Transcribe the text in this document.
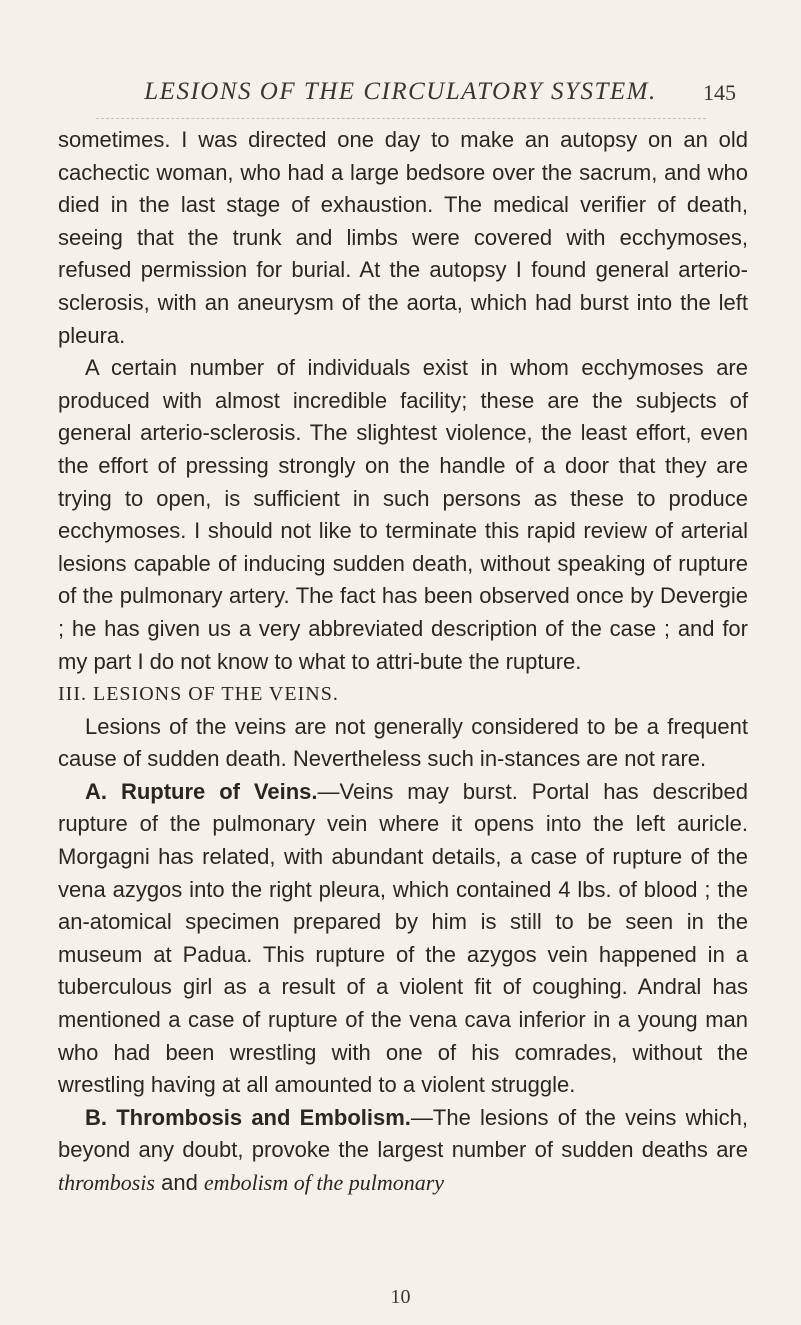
LESIONS OF THE CIRCULATORY SYSTEM.	145

sometimes. I was directed one day to make an autopsy on an old cachectic woman, who had a large bedsore over the sacrum, and who died in the last stage of exhaustion. The medical verifier of death, seeing that the trunk and limbs were covered with ecchymoses, refused permission for burial. At the autopsy I found general arterio-sclerosis, with an aneurysm of the aorta, which had burst into the left pleura.

A certain number of individuals exist in whom ecchymoses are produced with almost incredible facility; these are the subjects of general arterio-sclerosis. The slightest violence, the least effort, even the effort of pressing strongly on the handle of a door that they are trying to open, is sufficient in such persons as these to produce ecchymoses. I should not like to terminate this rapid review of arterial lesions capable of inducing sudden death, without speaking of rupture of the pulmonary artery. The fact has been observed once by Devergie ; he has given us a very abbreviated description of the case ; and for my part I do not know to what to attri-bute the rupture.

III. LESIONS OF THE VEINS.

Lesions of the veins are not generally considered to be a frequent cause of sudden death. Nevertheless such in-stances are not rare.

A. Rupture of Veins.—Veins may burst. Portal has described rupture of the pulmonary vein where it opens into the left auricle. Morgagni has related, with abundant details, a case of rupture of the vena azygos into the right pleura, which contained 4 lbs. of blood ; the an-atomical specimen prepared by him is still to be seen in the museum at Padua. This rupture of the azygos vein happened in a tuberculous girl as a result of a violent fit of coughing. Andral has mentioned a case of rupture of the vena cava inferior in a young man who had been wrestling with one of his comrades, without the wrestling having at all amounted to a violent struggle.

B. Thrombosis and Embolism.—The lesions of the veins which, beyond any doubt, provoke the largest number of sudden deaths are thrombosis and embolism of the pulmonary

10
